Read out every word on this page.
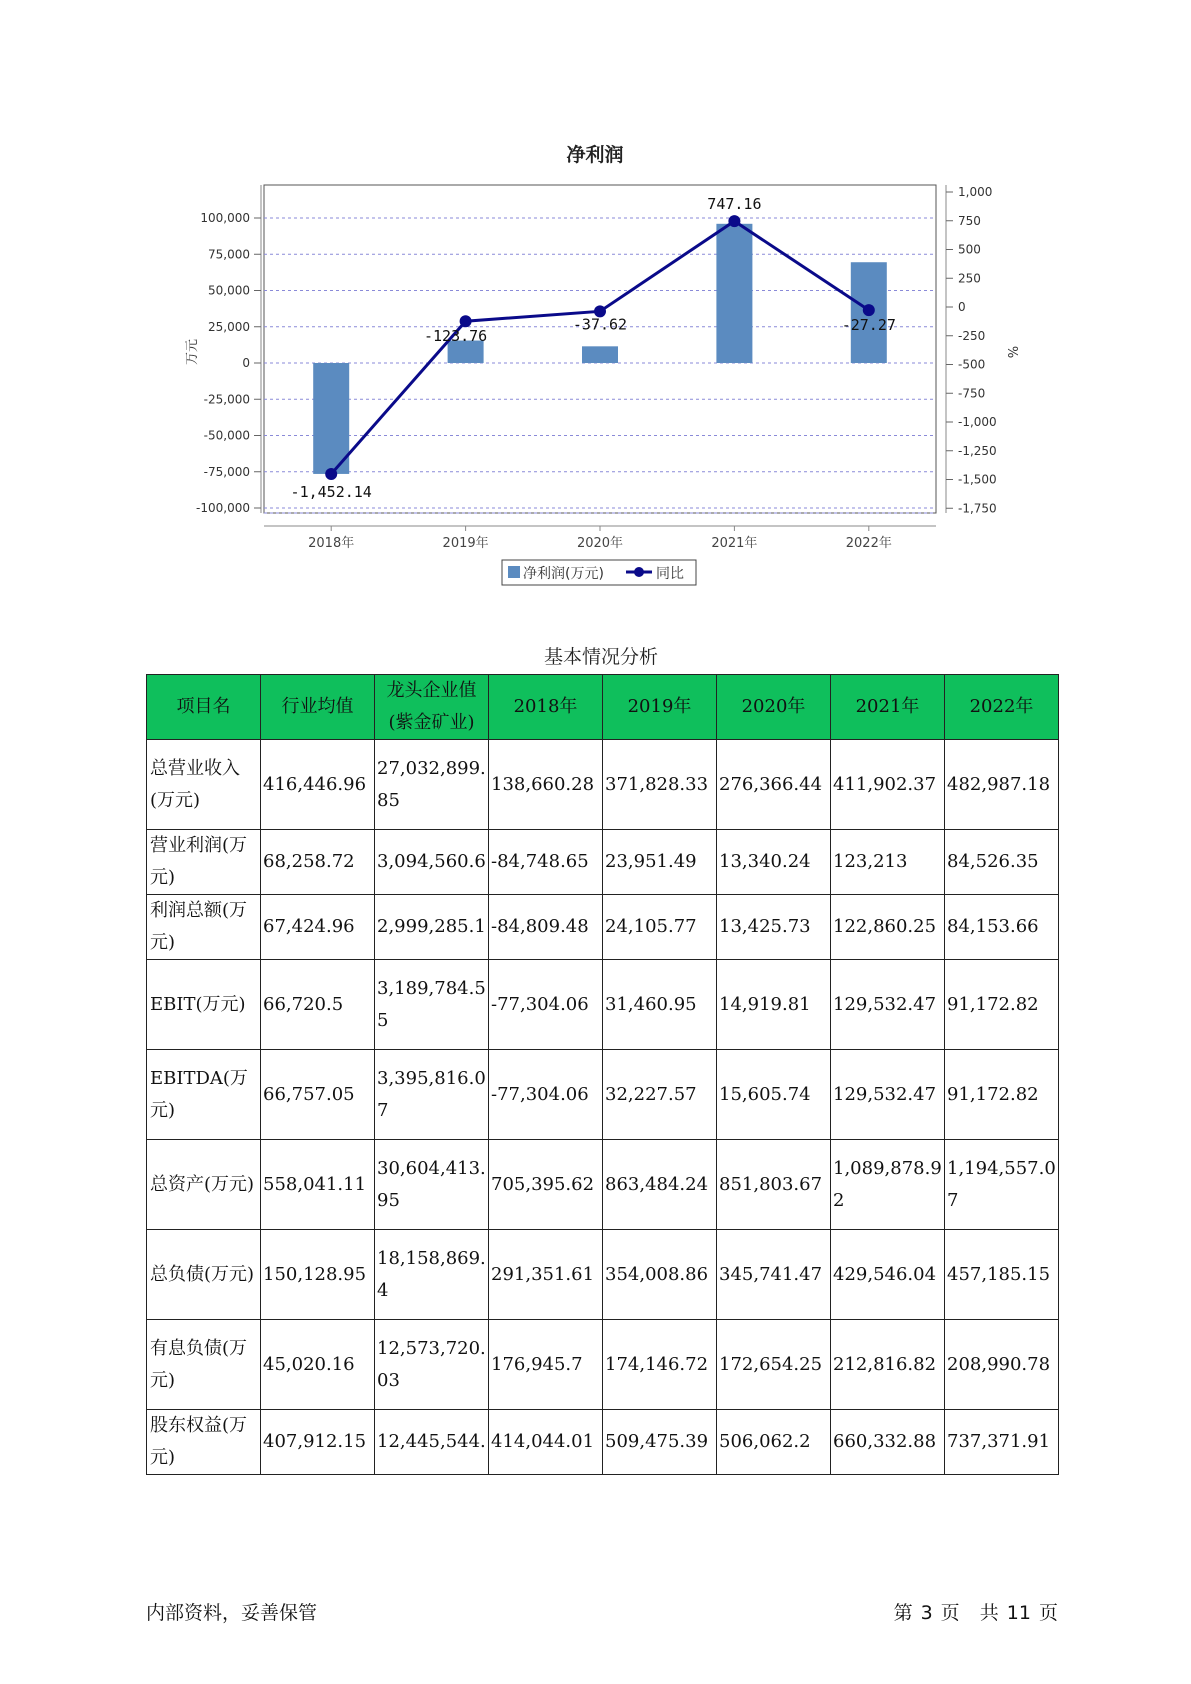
净利润
100,000
75,000
50,000
25,000
0
-25,000
-50,000
-75,000
-100,000
1,000
750
500
250
0
-250
-500
-750
-1,000
-1,250
-1,500
-1,750
-1,452.14
-123.76
-37.62
747.16
-27.27
2018年	2019年	2020年	2021年	2022年
万元	%
净利润(万元)	同比
基本情况分析
项目名	行业均值	龙头企业值(紫金矿业)	2018年	2019年	2020年	2021年	2022年
总营业收入(万元)	416,446.96	27,032,899.85	138,660.28	371,828.33	276,366.44	411,902.37	482,987.18
营业利润(万元)	68,258.72	3,094,560.6	-84,748.65	23,951.49	13,340.24	123,213	84,526.35
利润总额(万元)	67,424.96	2,999,285.1	-84,809.48	24,105.77	13,425.73	122,860.25	84,153.66
EBIT(万元)	66,720.5	3,189,784.55	-77,304.06	31,460.95	14,919.81	129,532.47	91,172.82
EBITDA(万元)	66,757.05	3,395,816.07	-77,304.06	32,227.57	15,605.74	129,532.47	91,172.82
总资产(万元)	558,041.11	30,604,413.95	705,395.62	863,484.24	851,803.67	1,089,878.92	1,194,557.07
总负债(万元)	150,128.95	18,158,869.4	291,351.61	354,008.86	345,741.47	429,546.04	457,185.15
有息负债(万元)	45,020.16	12,573,720.03	176,945.7	174,146.72	172,654.25	212,816.82	208,990.78
股东权益(万元)	407,912.15	12,445,544.	414,044.01	509,475.39	506,062.2	660,332.88	737,371.91
内部资料，妥善保管	第 3 页 共 11 页
